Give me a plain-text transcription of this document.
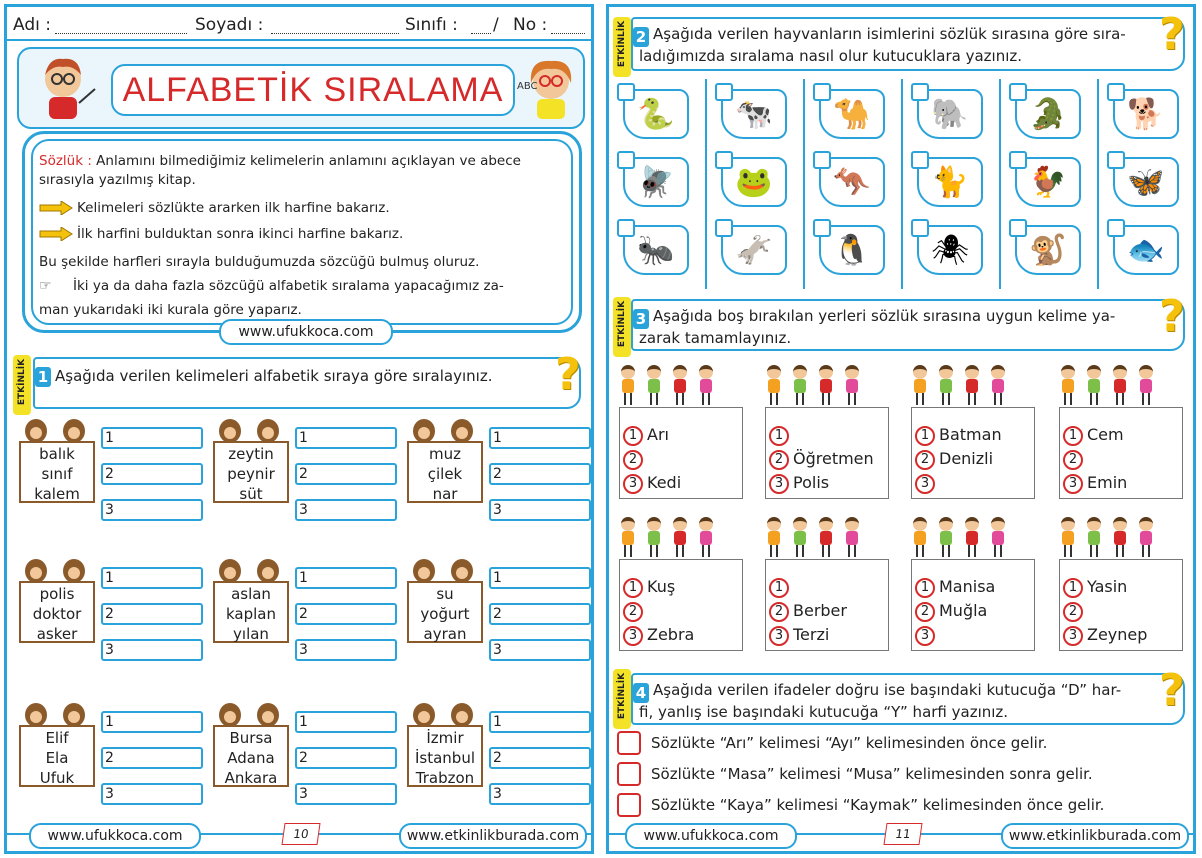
Adı :	Soyadı :	Sınıfı : / No :
ALFABETİK SIRALAMA	ABC

Sözlük : Anlamını bilmediğimiz kelimelerin anlamını açıklayan ve abece sırasıyla yazılmış kitap.

Kelimeleri sözlükte ararken ilk harfine bakarız.

İlk harfini bulduktan sonra ikinci harfine bakarız.

Bu şekilde harfleri sırayla bulduğumuzda sözcüğü bulmuş oluruz.

☞ İki ya da daha fazla sözcüğü alfabetik sıralama yapacağımız za-

man yukarıdaki iki kurala göre yaparız.

www.ufukkoca.com
ETKİNLİK 1 Aşağıda verilen kelimeleri alfabetik sıraya göre sıralayınız. ?
balık
sınıf
kalem
1
2
3
zeytin
peynir
süt
1
2
3
muz
çilek
nar
1
2
3
polis
doktor
asker
1
2
3
aslan
kaplan
yılan
1
2
3
su
yoğurt
ayran
1
2
3
Elif
Ela
Ufuk
1
2
3
Bursa
Adana
Ankara
1
2
3
İzmir
İstanbul
Trabzon
1
2
3
www.ufukkoca.com	10	www.etkinlikburada.com
ETKİNLİK 2 Aşağıda verilen hayvanların isimlerini sözlük sırasına göre sıra-
ladığımızda sıralama nasıl olur kutucuklara yazınız.	?
🐍	🐄	🐪	🐘	🐊	🐕
🪰	🐸	🦘	🐈	🐓	🦋
🐜	🫏	🐧	🕷	🐒	🐟
ETKİNLİK 3 Aşağıda boş bırakılan yerleri sözlük sırasına uygun kelime ya-
zarak tamamlayınız.	?
1 Arı
2
3 Kedi
1
2 Öğretmen
3 Polis
1 Batman
2 Denizli
3
1 Cem
2
3 Emin
1 Kuş
2
3 Zebra
1
2 Berber
3 Terzi
1 Manisa
2 Muğla
3
1 Yasin
2
3 Zeynep
ETKİNLİK 4 Aşağıda verilen ifadeler doğru ise başındaki kutucuğa “D” har-
fi, yanlış ise başındaki kutucuğa “Y” harfi yazınız.	?
Sözlükte “Arı” kelimesi “Ayı” kelimesinden önce gelir.
Sözlükte “Masa” kelimesi “Musa” kelimesinden sonra gelir.
Sözlükte “Kaya” kelimesi “Kaymak” kelimesinden önce gelir.
www.ufukkoca.com	11	www.etkinlikburada.com
